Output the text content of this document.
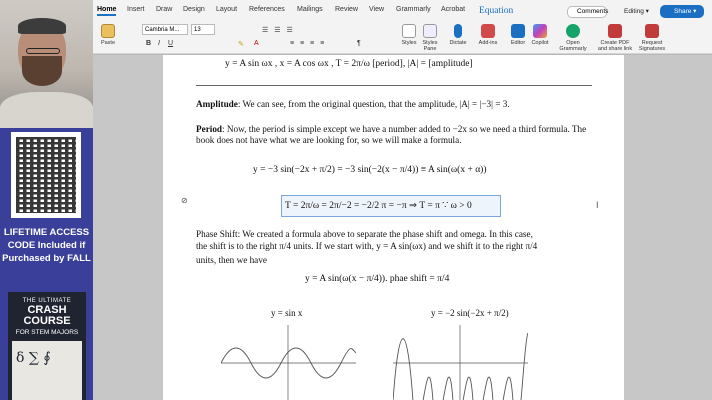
LIFETIME ACCESS
CODE Included if
Purchased by FALL
THE ULTIMATE
CRASH COURSE
FOR STEM MAJORS
δ ∑ ∮
Home Insert Draw Design Layout References Mailings Review View Grammarly Acrobat Equation	Comments	Editing ▾	Share ▾
Paste
Cambria M...	13
B I U	✎ A
☰ ☰ ☰
≡ ≡ ≡ ≡	¶	Styles	Styles Pane
Dictate	Add-ins	Editor	Copilot	Open Grammarly
Create PDF and share link
Request Signatures
y = A sin ωx , x = A cos ωx , T = 2π/ω [period], |A| = [amplitude]
Amplitude: We can see, from the original question, that the amplitude, |A| = |−3| = 3.
Period: Now, the period is simple except we have a number added to −2x so we need a third formula. The book does not have what we are looking for, so we will make a formula.
y = −3 sin(−2x + π/2) = −3 sin(−2(x − π/4)) ≡ A sin(ω(x + α))
⊘
T = 2π/ω = 2π/−2 = −2/2 π = −π ⇒ T = π ∵ ω > 0	I
Phase Shift: We created a formula above to separate the phase shift and omega. In this case,
the shift is to the right π/4 units. If we start with, y = A sin(ωx) and we shift it to the right π/4
units, then we have
y = A sin(ω(x − π/4)). phae shift = π/4
y = sin x	y = −2 sin(−2x + π/2)
